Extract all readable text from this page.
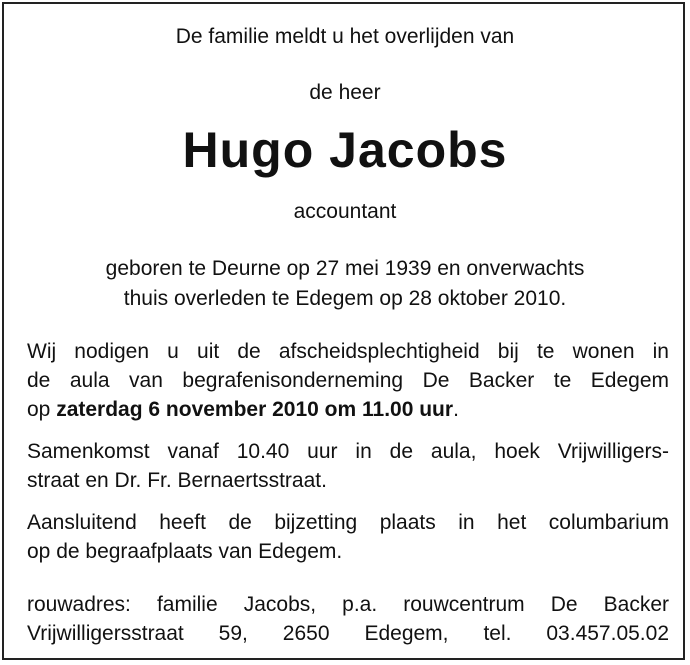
De familie meldt u het overlijden van
de heer
Hugo Jacobs
accountant
geboren te Deurne op 27 mei 1939 en onverwachts
thuis overleden te Edegem op 28 oktober 2010.
Wij nodigen u uit de afscheidsplechtigheid bij te wonen in
de aula van begrafenisonderneming De Backer te Edegem
op zaterdag 6 november 2010 om 11.00 uur.
Samenkomst vanaf 10.40 uur in de aula, hoek Vrijwilligers-
straat en Dr. Fr. Bernaertsstraat.
Aansluitend heeft de bijzetting plaats in het columbarium
op de begraafplaats van Edegem.
rouwadres: familie Jacobs, p.a. rouwcentrum De Backer
Vrijwilligersstraat 59, 2650 Edegem, tel. 03.457.05.02
